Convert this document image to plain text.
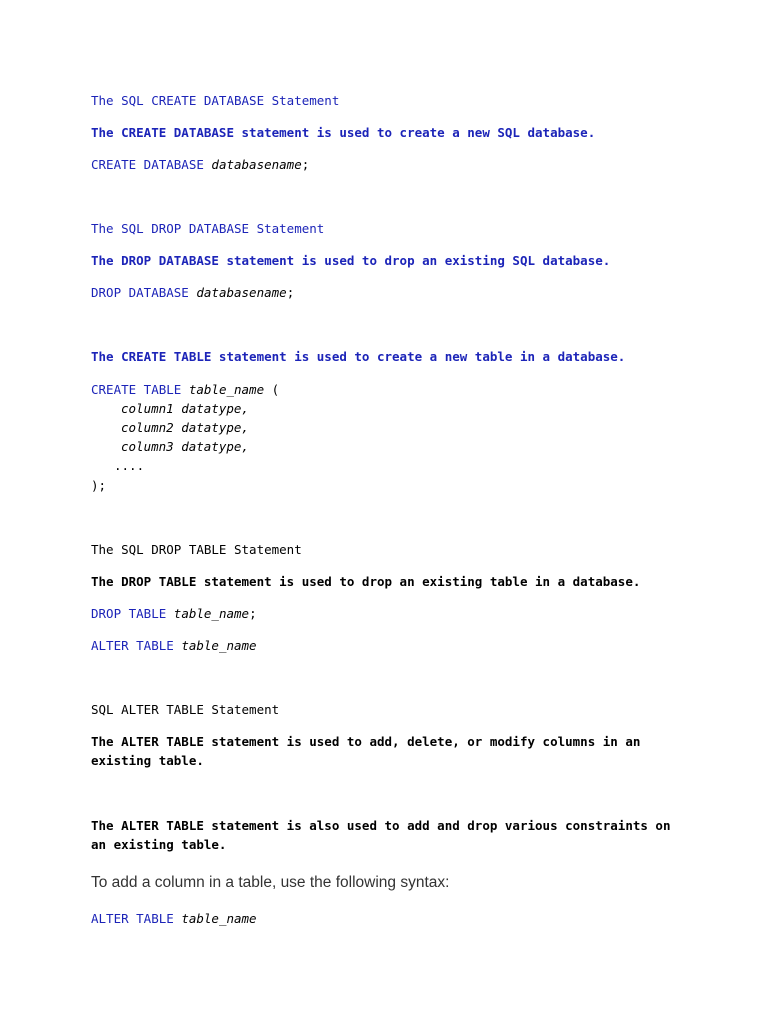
The SQL CREATE DATABASE Statement
The CREATE DATABASE statement is used to create a new SQL database.
CREATE DATABASE databasename;
The SQL DROP DATABASE Statement
The DROP DATABASE statement is used to drop an existing SQL database.
DROP DATABASE databasename;
The CREATE TABLE statement is used to create a new table in a database.
CREATE TABLE table_name (
column1 datatype,
column2 datatype,
column3 datatype,
....
);
The SQL DROP TABLE Statement
The DROP TABLE statement is used to drop an existing table in a database.
DROP TABLE table_name;
ALTER TABLE table_name
SQL ALTER TABLE Statement
The ALTER TABLE statement is used to add, delete, or modify columns in an
existing table.
The ALTER TABLE statement is also used to add and drop various constraints on
an existing table.
To add a column in a table, use the following syntax:
ALTER TABLE table_name
